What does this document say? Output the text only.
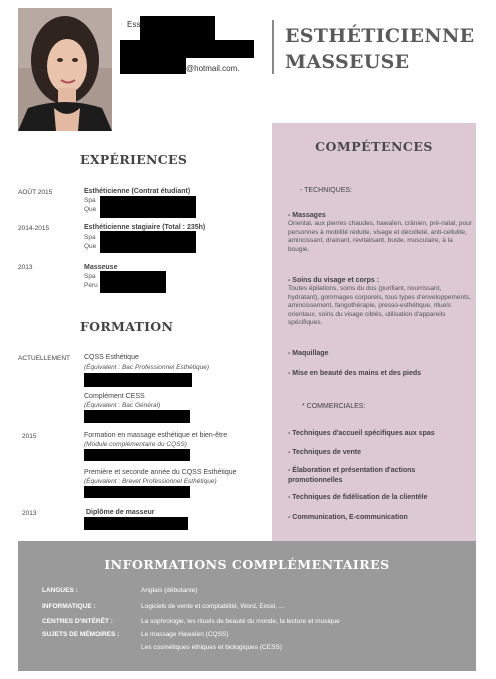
Ess
@hotmail.com.
ESTHÉTICIENNE
MASSEUSE
COMPÉTENCES
- TECHNIQUES:
- Massages
Oriental, aux pierres chaudes, hawaïen, crânien, pré-natal, pour personnes à mobilité réduite, visage et décolleté, anti-cellulite, amincissant, drainant, revitalisant, buste, musculaire, à la bougie.
- Soins du visage et corps :
Toutes épilations, soins du dos (purifiant, nourrissant, hydratant), gommages corporels, tous types d'enveloppements, amincissement, fangothérapie, presso-esthétique, rituels orientaux, soins du visage ciblés, utilisation d'appareils spécifiques.
- Maquillage
- Mise en beauté des mains et des pieds
* COMMERCIALES:
- Techniques d'accueil spécifiques aux spas
- Techniques de vente
- Élaboration et présentation d'actions promotionnelles
- Techniques de fidélisation de la clientèle
- Communication, E-communication
EXPÉRIENCES
AOÛT 2015	Esthéticienne (Contrat étudiant)
Spa
Que
2014-2015	Esthéticienne stagiaire (Total : 235h)
Spa
Que
2013	Masseuse
Spa
Peru
FORMATION
ACTUELLEMENT CQSS Esthétique
(Équivalent : Bac Professionnel Esthétique)
Complément CESS
(Équivalent : Bac Général)
2015	Formation en massage esthétique et bien-être
(Module complémentaire du CQSS)
Première et seconde année du CQSS Esthétique
(Équivalent : Brevet Professionnel Esthétique)
2013	Diplôme de masseur
INFORMATIONS COMPLÉMENTAIRES
LANGUES :	Anglais (débutante)
INFORMATIQUE :	Logiciels de vente et comptabilité, Word, Excel, ...
CENTRES D'INTÉRÊT :	La sophrologie, les rituels de beauté du monde, la lecture et musique
SUJETS DE MÉMOIRES :	Le massage Hawaïen (CQSS)
Les cosmétiques éthiques et biologiques (CESS)
